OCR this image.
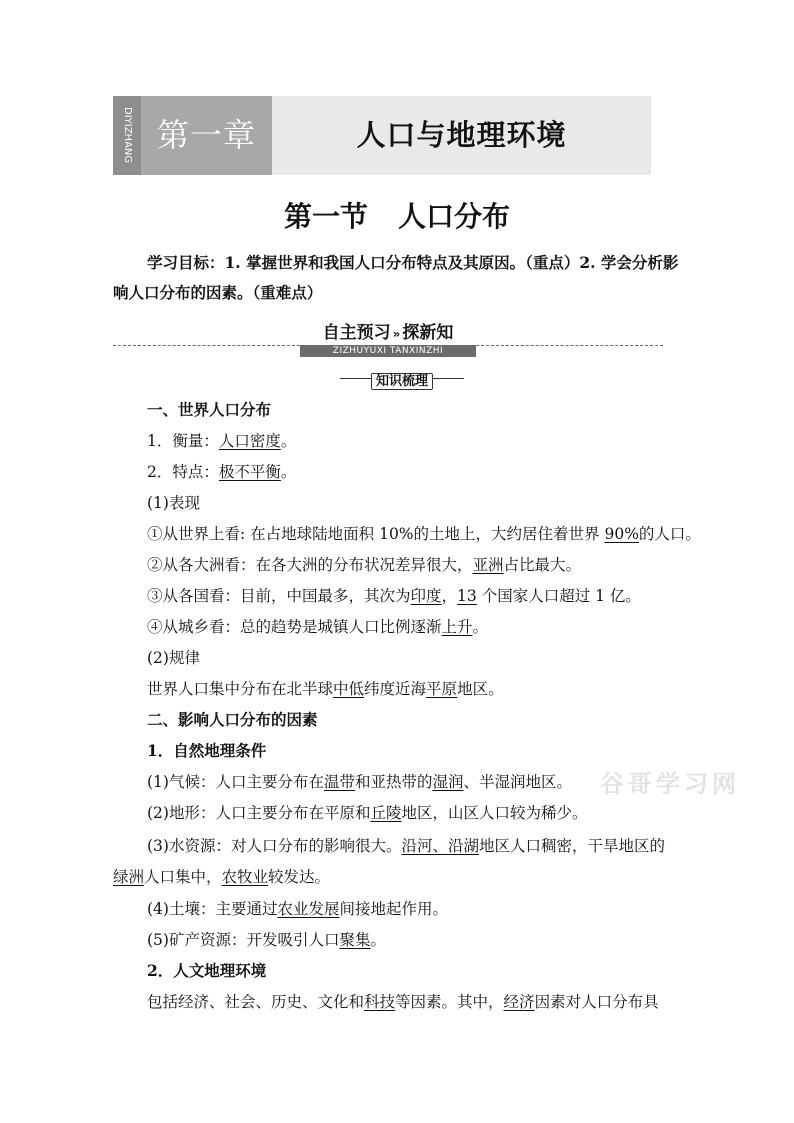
DIYIZHANG 第一章	人口与地理环境
第一节 人口分布
学习目标：1. 掌握世界和我国人口分布特点及其原因。（重点）2. 学会分析影
响人口分布的因素。（重难点）
自主预习 » 探新知
ZIZHUYUXI TANXINZHI
知识梳理
一、世界人口分布
1．衡量：人口密度。
2．特点：极不平衡。
(1)表现
①从世界上看: 在占地球陆地面积 10%的土地上，大约居住着世界 90%的人口。
②从各大洲看：在各大洲的分布状况差异很大，亚洲占比最大。
③从各国看：目前，中国最多，其次为印度，13 个国家人口超过 1 亿。
④从城乡看：总的趋势是城镇人口比例逐渐上升。
(2)规律
世界人口集中分布在北半球中低纬度近海平原地区。
二、影响人口分布的因素
1．自然地理条件
(1)气候：人口主要分布在温带和亚热带的湿润、半湿润地区。
(2)地形：人口主要分布在平原和丘陵地区，山区人口较为稀少。
(3)水资源：对人口分布的影响很大。沿河、沿湖地区人口稠密，干旱地区的
绿洲人口集中，农牧业较发达。
(4)土壤：主要通过农业发展间接地起作用。
(5)矿产资源：开发吸引人口聚集。
2．人文地理环境
包括经济、社会、历史、文化和科技等因素。其中，经济因素对人口分布具
谷哥学习网
